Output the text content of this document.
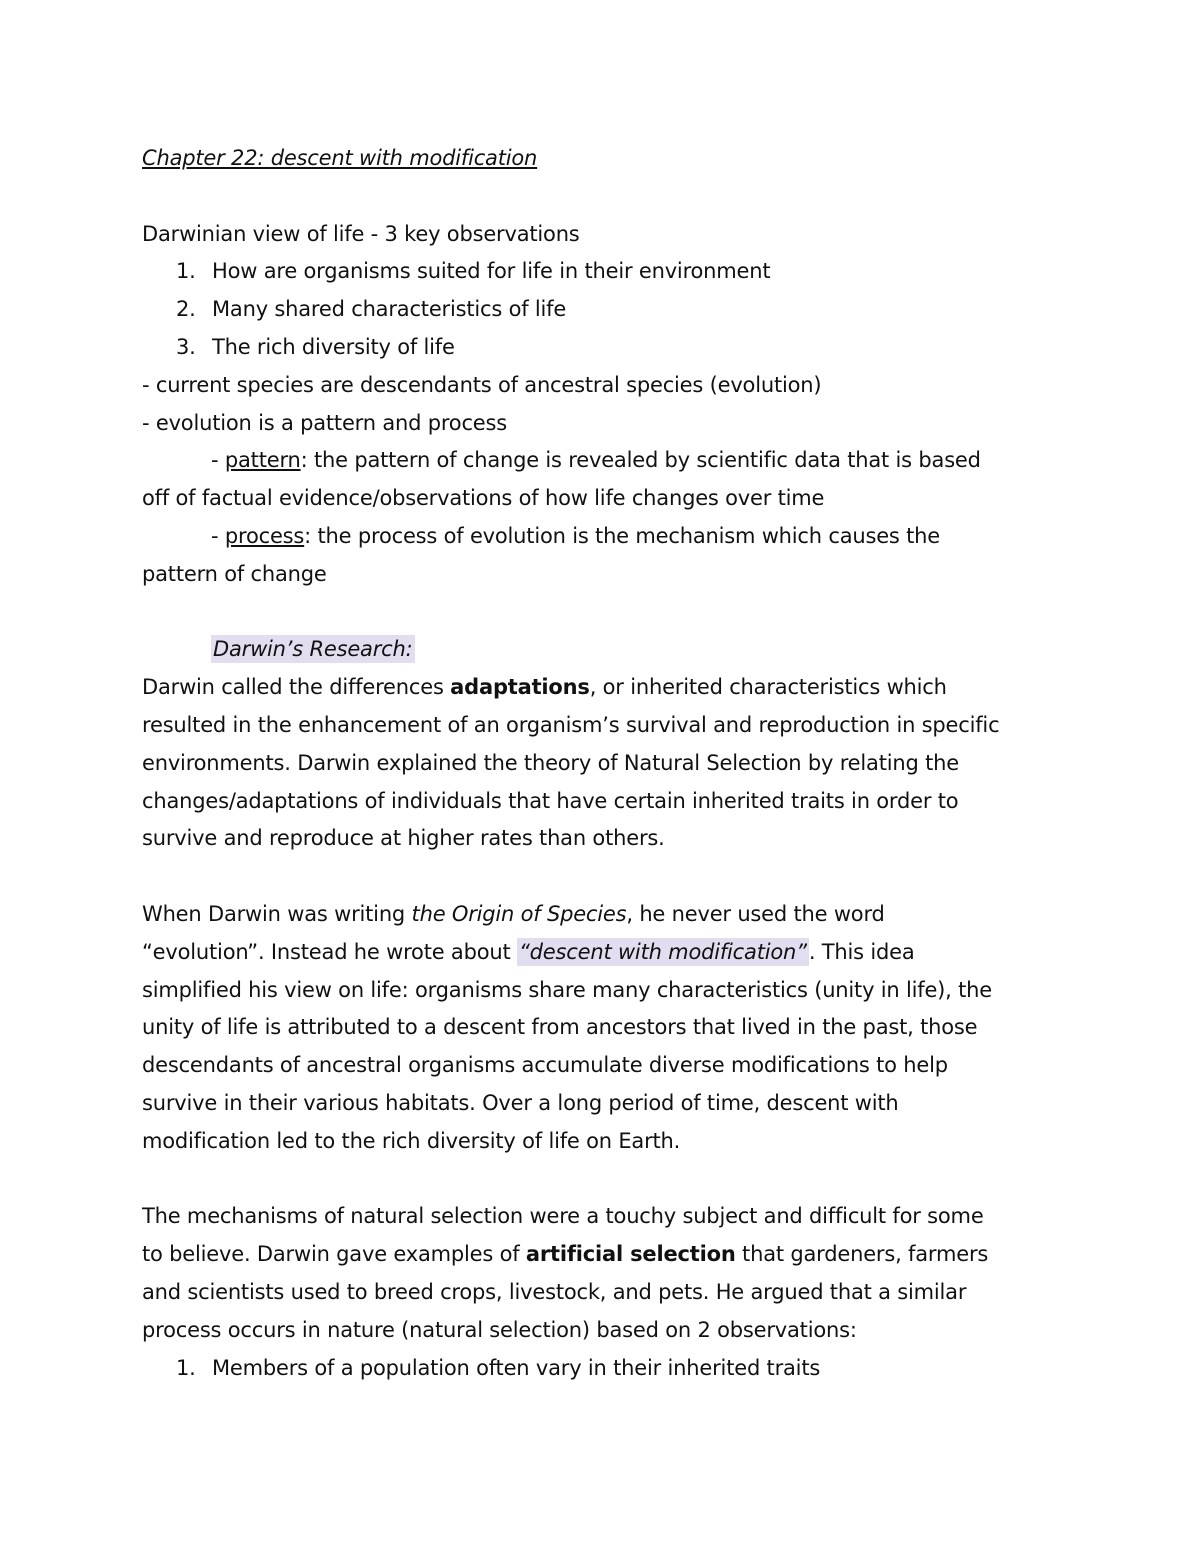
Chapter 22: descent with modification
Darwinian view of life - 3 key observations
1. How are organisms suited for life in their environment
2. Many shared characteristics of life
3. The rich diversity of life
- current species are descendants of ancestral species (evolution)
- evolution is a pattern and process
- pattern: the pattern of change is revealed by scientific data that is based
off of factual evidence/observations of how life changes over time
- process: the process of evolution is the mechanism which causes the
pattern of change
Darwin’s Research:
Darwin called the differences adaptations, or inherited characteristics which
resulted in the enhancement of an organism’s survival and reproduction in specific
environments. Darwin explained the theory of Natural Selection by relating the
changes/adaptations of individuals that have certain inherited traits in order to
survive and reproduce at higher rates than others.
When Darwin was writing the Origin of Species, he never used the word
“evolution”. Instead he wrote about “descent with modification”. This idea
simplified his view on life: organisms share many characteristics (unity in life), the
unity of life is attributed to a descent from ancestors that lived in the past, those
descendants of ancestral organisms accumulate diverse modifications to help
survive in their various habitats. Over a long period of time, descent with
modification led to the rich diversity of life on Earth.
The mechanisms of natural selection were a touchy subject and difficult for some
to believe. Darwin gave examples of artificial selection that gardeners, farmers
and scientists used to breed crops, livestock, and pets. He argued that a similar
process occurs in nature (natural selection) based on 2 observations:
1. Members of a population often vary in their inherited traits
